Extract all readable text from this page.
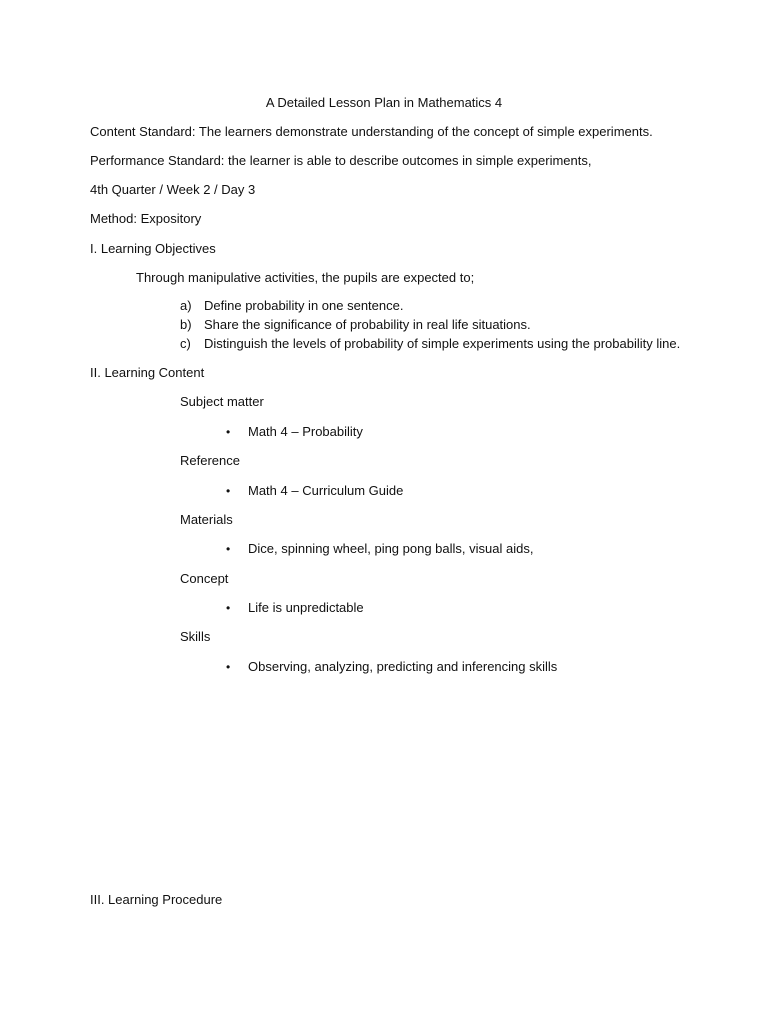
A Detailed Lesson Plan in Mathematics 4
Content Standard: The learners demonstrate understanding of the concept of simple experiments.
Performance Standard: the learner is able to describe outcomes in simple experiments,
4th Quarter / Week 2 / Day 3
Method: Expository
I. Learning Objectives
Through manipulative activities, the pupils are expected to;
a) Define probability in one sentence.
b) Share the significance of probability in real life situations.
c)	Distinguish the levels of probability of simple experiments using the probability line.
II. Learning Content
Subject matter
•	Math 4 – Probability
Reference
•	Math 4 – Curriculum Guide
Materials
•	Dice, spinning wheel, ping pong balls, visual aids,
Concept
•	Life is unpredictable
Skills
•	Observing, analyzing, predicting and inferencing skills
III. Learning Procedure
